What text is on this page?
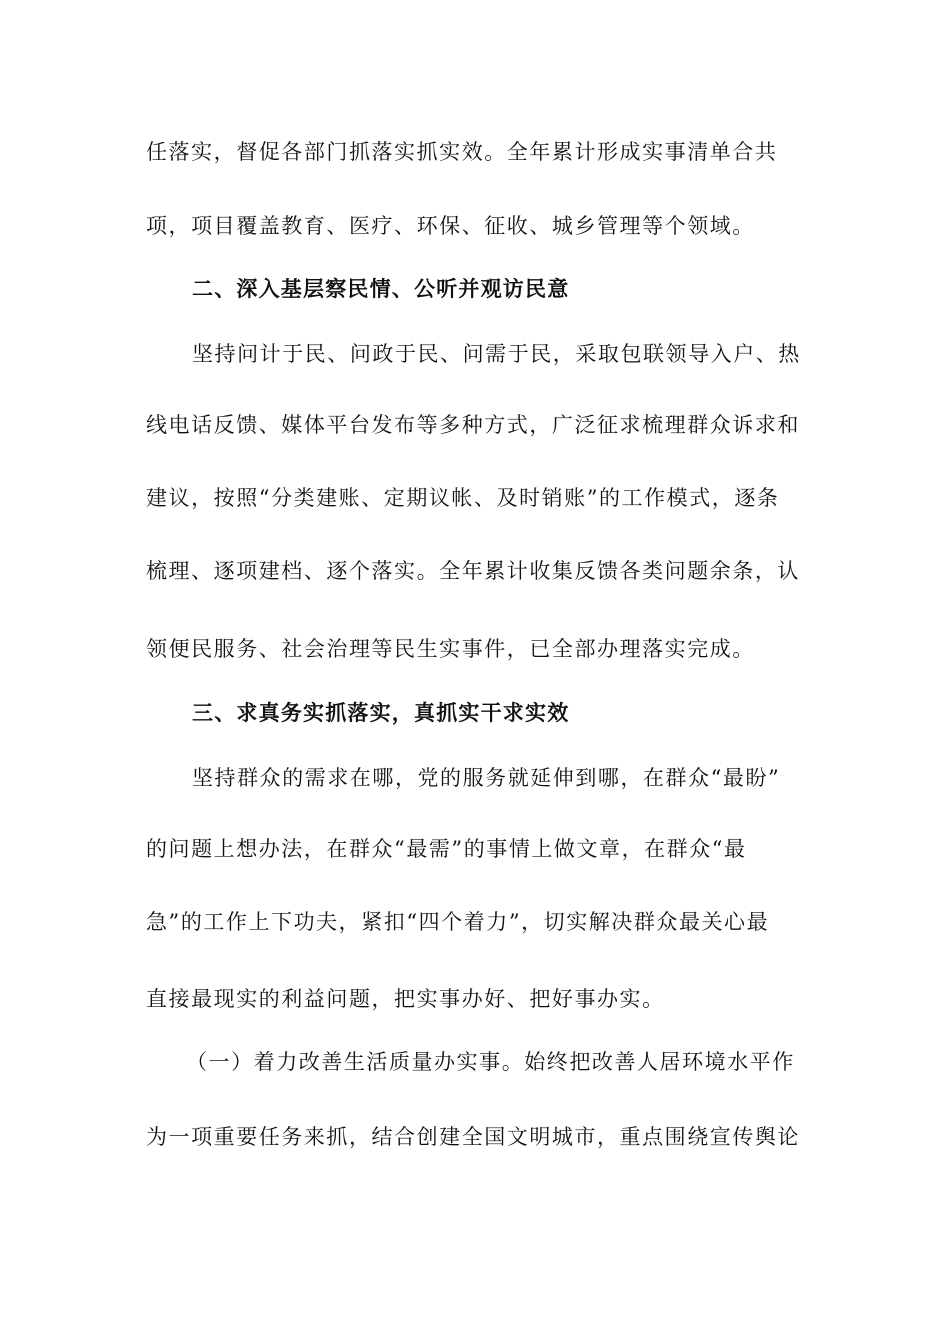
任落实，督促各部门抓落实抓实效。全年累计形成实事清单合共
项，项目覆盖教育、医疗、环保、征收、城乡管理等个领域。
二、深入基层察民情、公听并观访民意
坚持问计于民、问政于民、问需于民，采取包联领导入户、热
线电话反馈、媒体平台发布等多种方式，广泛征求梳理群众诉求和
建议，按照“分类建账、定期议帐、及时销账”的工作模式，逐条
梳理、逐项建档、逐个落实。全年累计收集反馈各类问题余条，认
领便民服务、社会治理等民生实事件，已全部办理落实完成。
三、求真务实抓落实，真抓实干求实效
坚持群众的需求在哪，党的服务就延伸到哪，在群众“最盼”
的问题上想办法，在群众“最需”的事情上做文章，在群众“最
急”的工作上下功夫，紧扣“四个着力”，切实解决群众最关心最
直接最现实的利益问题，把实事办好、把好事办实。
（一）着力改善生活质量办实事。始终把改善人居环境水平作
为一项重要任务来抓，结合创建全国文明城市，重点围绕宣传舆论
